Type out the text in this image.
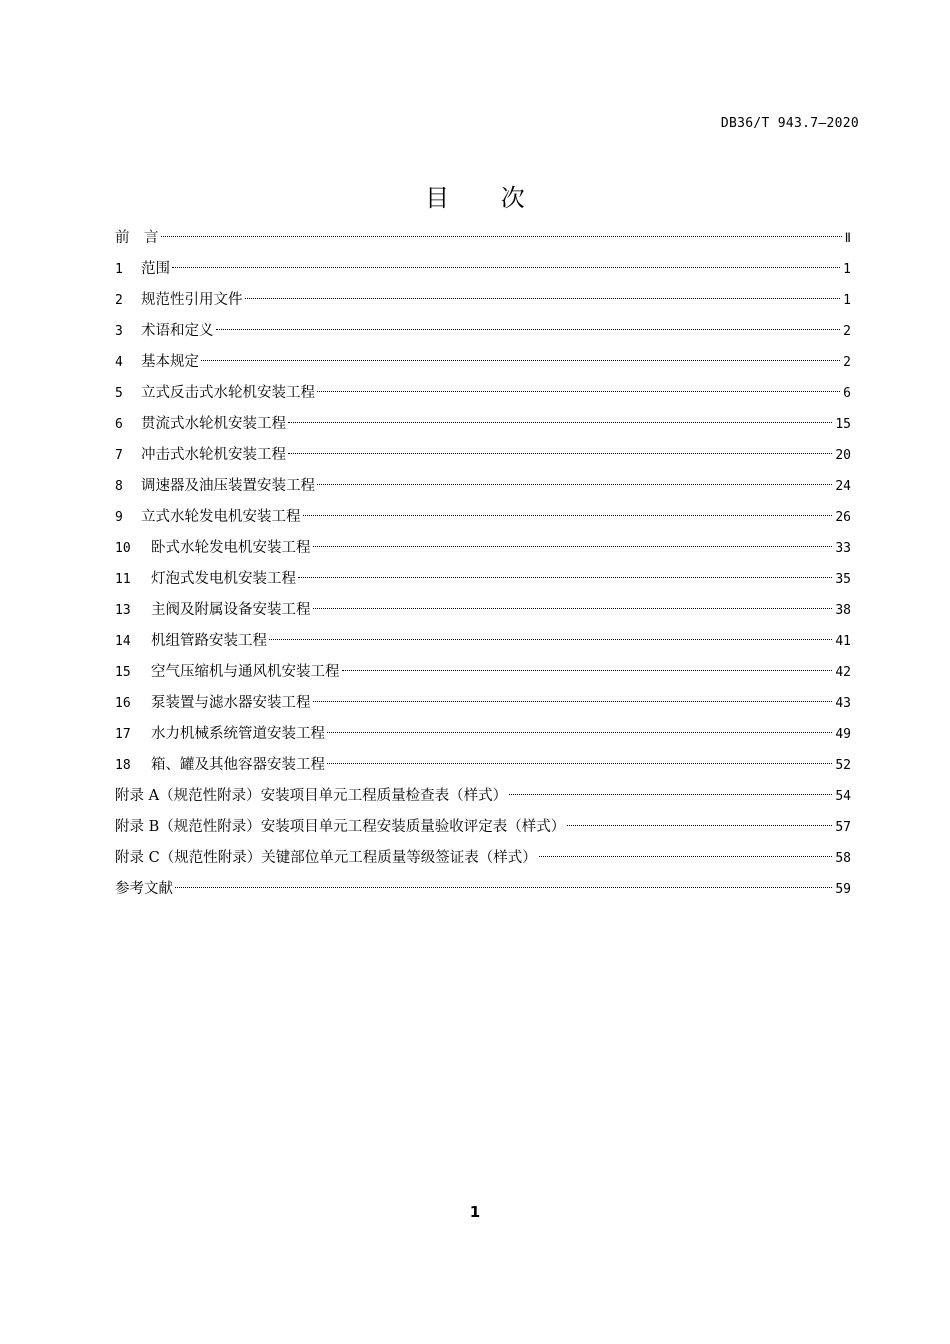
DB36/T 943.7—2020
目 次
前　言	Ⅱ
1 范围	1
2 规范性引用文件	1
3 术语和定义	2
4 基本规定	2
5 立式反击式水轮机安装工程	6
6 贯流式水轮机安装工程	15
7 冲击式水轮机安装工程	20
8 调速器及油压装置安装工程	24
9 立式水轮发电机安装工程	26
10 卧式水轮发电机安装工程	33
11 灯泡式发电机安装工程	35
13 主阀及附属设备安装工程	38
14 机组管路安装工程	41
15 空气压缩机与通风机安装工程	42
16 泵装置与滤水器安装工程	43
17 水力机械系统管道安装工程	49
18 箱、罐及其他容器安装工程	52
附录 A（规范性附录）安装项目单元工程质量检查表（样式）	54
附录 B（规范性附录）安装项目单元工程安装质量验收评定表（样式）	57
附录 C（规范性附录）关键部位单元工程质量等级签证表（样式）	58
参考文献	59
1
